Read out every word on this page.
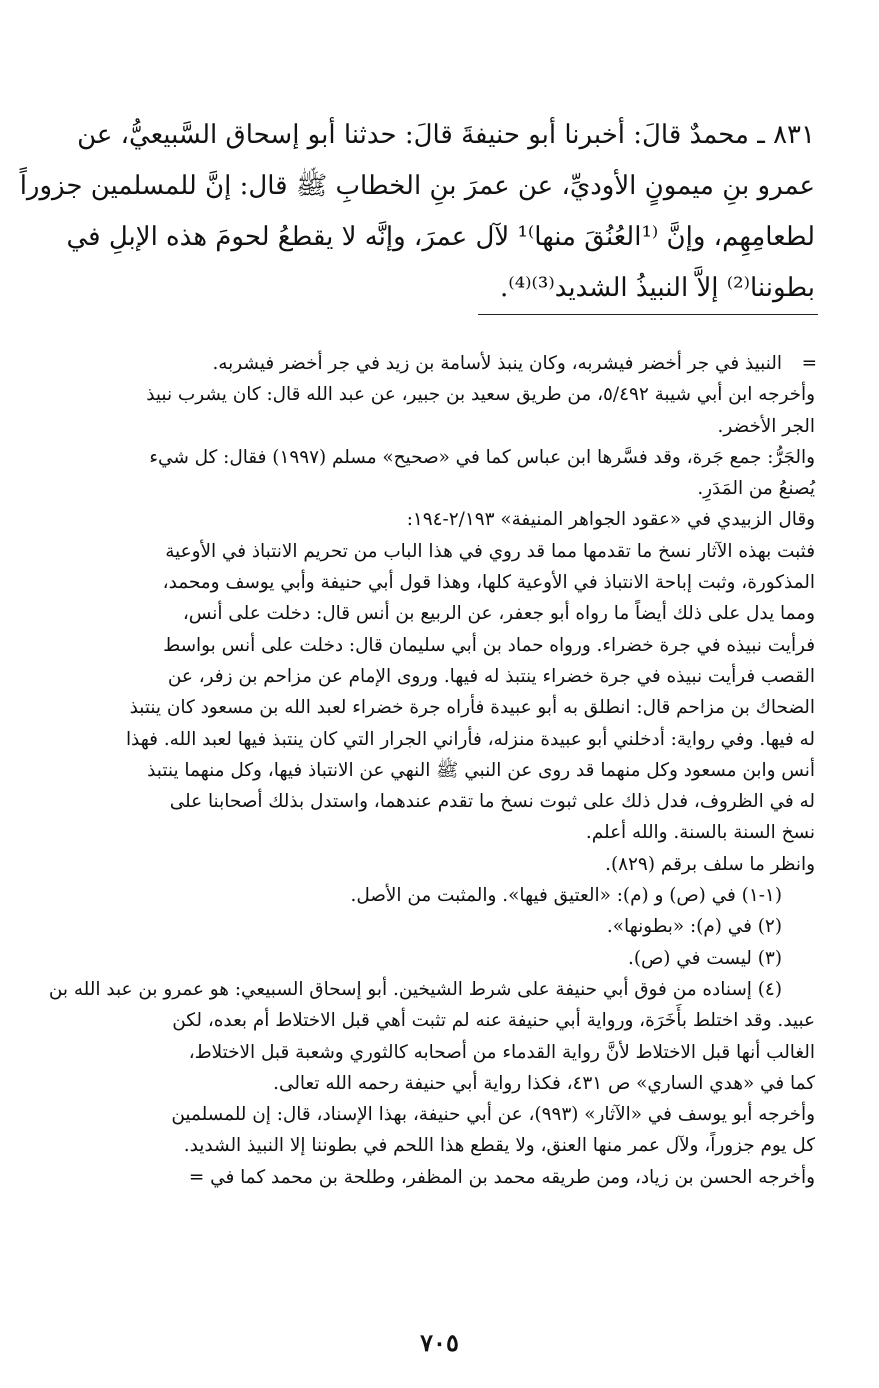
٨٣١ ـ محمدٌ قالَ: أخبرنا أبو حنيفةَ قالَ: حدثنا أبو إسحاق السَّبيعيُّ، عن
عمرو بنِ ميمونٍ الأوديِّ، عن عمرَ بنِ الخطابِ ﷺ قال: إنَّ للمسلمين جزوراً
لطعامِهِم، وإنَّ ⁽¹العُنُقَ منها⁾¹ لآل عمرَ، وإنَّه لا يقطعُ لحومَ هذه الإبلِ في
بطوننا⁽²⁾ إلاَّ النبيذُ الشديد⁽³⁾⁽⁴⁾.
=
النبيذ في جر أخضر فيشربه، وكان ينبذ لأسامة بن زيد في جر أخضر فيشربه.
وأخرجه ابن أبي شيبة ٥/٤٩٢، من طريق سعيد بن جبير، عن عبد الله قال: كان يشرب نبيذ
الجر الأخضر.
والجَرُّ: جمع جَرة، وقد فسَّرها ابن عباس كما في «صحيح» مسلم (١٩٩٧) فقال: كل شيء
يُصنعُ من المَدَرِ.
وقال الزبيدي في «عقود الجواهر المنيفة» ٢/١٩٣-١٩٤:
فثبت بهذه الآثار نسخ ما تقدمها مما قد روي في هذا الباب من تحريم الانتباذ في الأوعية
المذكورة، وثبت إباحة الانتباذ في الأوعية كلها، وهذا قول أبي حنيفة وأبي يوسف ومحمد،
ومما يدل على ذلك أيضاً ما رواه أبو جعفر، عن الربيع بن أنس قال: دخلت على أنس،
فرأيت نبيذه في جرة خضراء. ورواه حماد بن أبي سليمان قال: دخلت على أنس بواسط
القصب فرأيت نبيذه في جرة خضراء ينتبذ له فيها. وروى الإمام عن مزاحم بن زفر، عن
الضحاك بن مزاحم قال: انطلق به أبو عبيدة فأراه جرة خضراء لعبد الله بن مسعود كان ينتبذ
له فيها. وفي رواية: أدخلني أبو عبيدة منزله، فأراني الجرار التي كان ينتبذ فيها لعبد الله. فهذا
أنس وابن مسعود وكل منهما قد روى عن النبي ﷺ النهي عن الانتباذ فيها، وكل منهما ينتبذ
له في الظروف، فدل ذلك على ثبوت نسخ ما تقدم عندهما، واستدل بذلك أصحابنا على
نسخ السنة بالسنة. والله أعلم.
وانظر ما سلف برقم (٨٢٩).
(١-١) في (ص) و (م): «العتيق فيها». والمثبت من الأصل.
(٢) في (م): «بطونها».
(٣) ليست في (ص).
(٤) إسناده من فوق أبي حنيفة على شرط الشيخين. أبو إسحاق السبيعي: هو عمرو بن عبد الله بن
عبيد. وقد اختلط بأَخَرَة، ورواية أبي حنيفة عنه لم تثبت أهي قبل الاختلاط أم بعده، لكن
الغالب أنها قبل الاختلاط لأنَّ رواية القدماء من أصحابه كالثوري وشعبة قبل الاختلاط،
كما في «هدي الساري» ص ٤٣١، فكذا رواية أبي حنيفة رحمه الله تعالى.
وأخرجه أبو يوسف في «الآثار» (٩٩٣)، عن أبي حنيفة، بهذا الإسناد، قال: إن للمسلمين
كل يوم جزوراً، ولآل عمر منها العنق، ولا يقطع هذا اللحم في بطوننا إلا النبيذ الشديد.
وأخرجه الحسن بن زياد، ومن طريقه محمد بن المظفر، وطلحة بن محمد كما في =
٧٠٥
